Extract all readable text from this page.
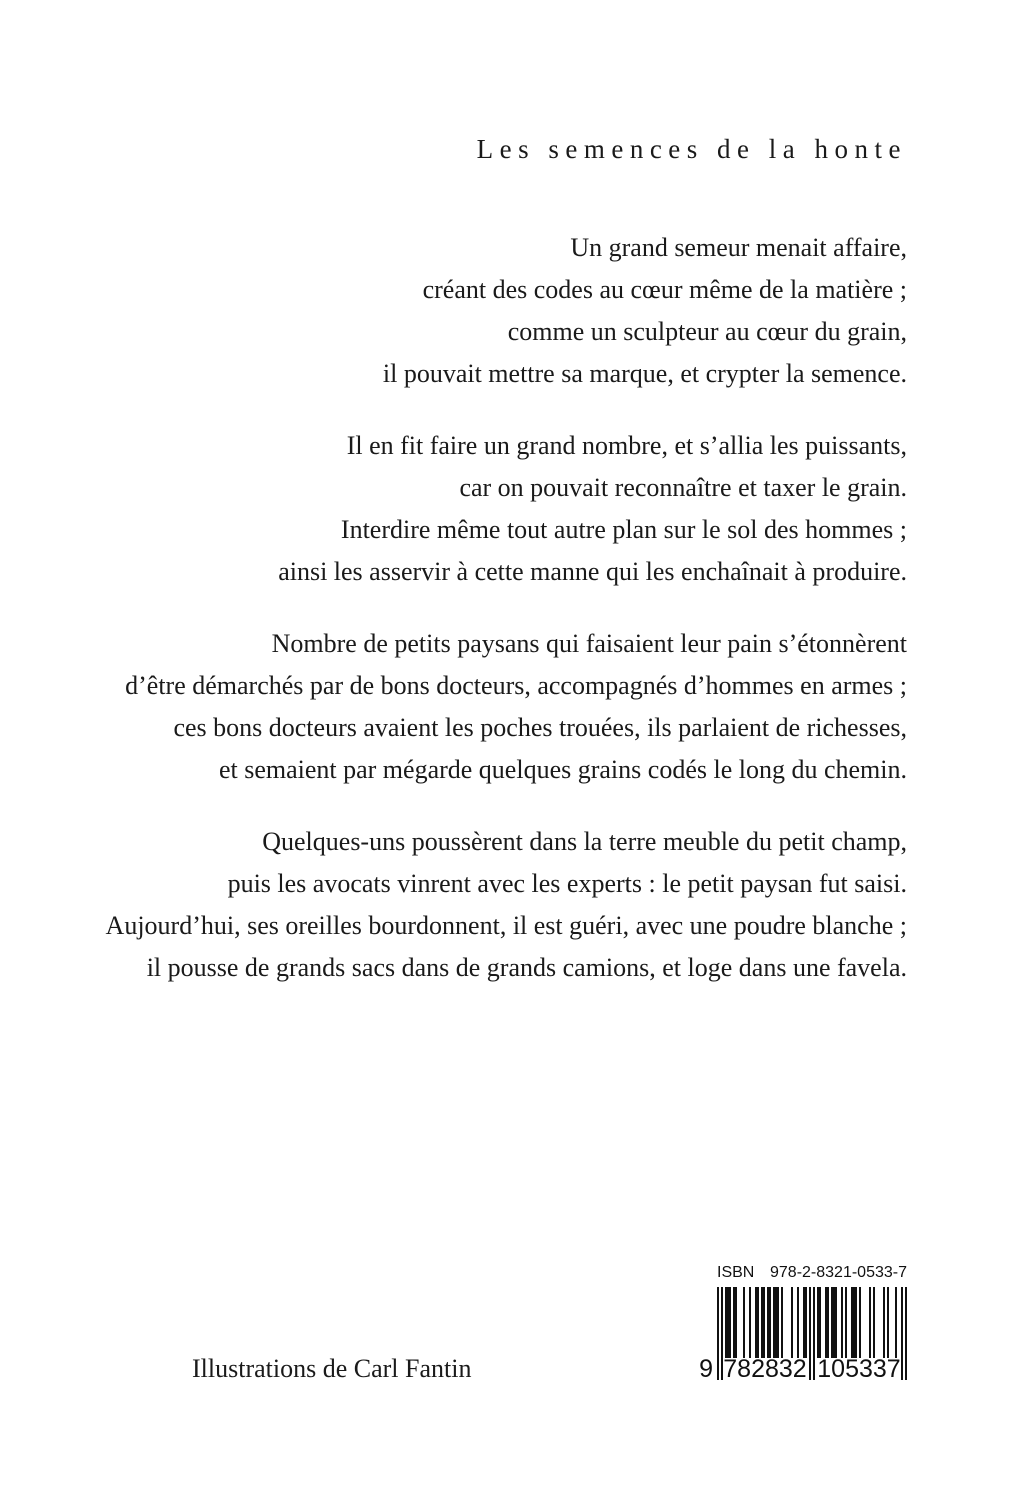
Les semences de la honte

Un grand semeur menait affaire,

créant des codes au cœur même de la matière ;

comme un sculpteur au cœur du grain,

il pouvait mettre sa marque, et crypter la semence.

Il en fit faire un grand nombre, et s’allia les puissants,

car on pouvait reconnaître et taxer le grain.

Interdire même tout autre plan sur le sol des hommes ;

ainsi les asservir à cette manne qui les enchaînait à produire.

Nombre de petits paysans qui faisaient leur pain s’étonnèrent

d’être démarchés par de bons docteurs, accompagnés d’hommes en armes ;

ces bons docteurs avaient les poches trouées, ils parlaient de richesses,

et semaient par mégarde quelques grains codés le long du chemin.

Quelques-uns poussèrent dans la terre meuble du petit champ,

puis les avocats vinrent avec les experts : le petit paysan fut saisi.

Aujourd’hui, ses oreilles bourdonnent, il est guéri, avec une poudre blanche ;

il pousse de grands sacs dans de grands camions, et loge dans une favela.

Illustrations de Carl Fantin
ISBN 978-2-8321-0533-7
9 782832 105337
